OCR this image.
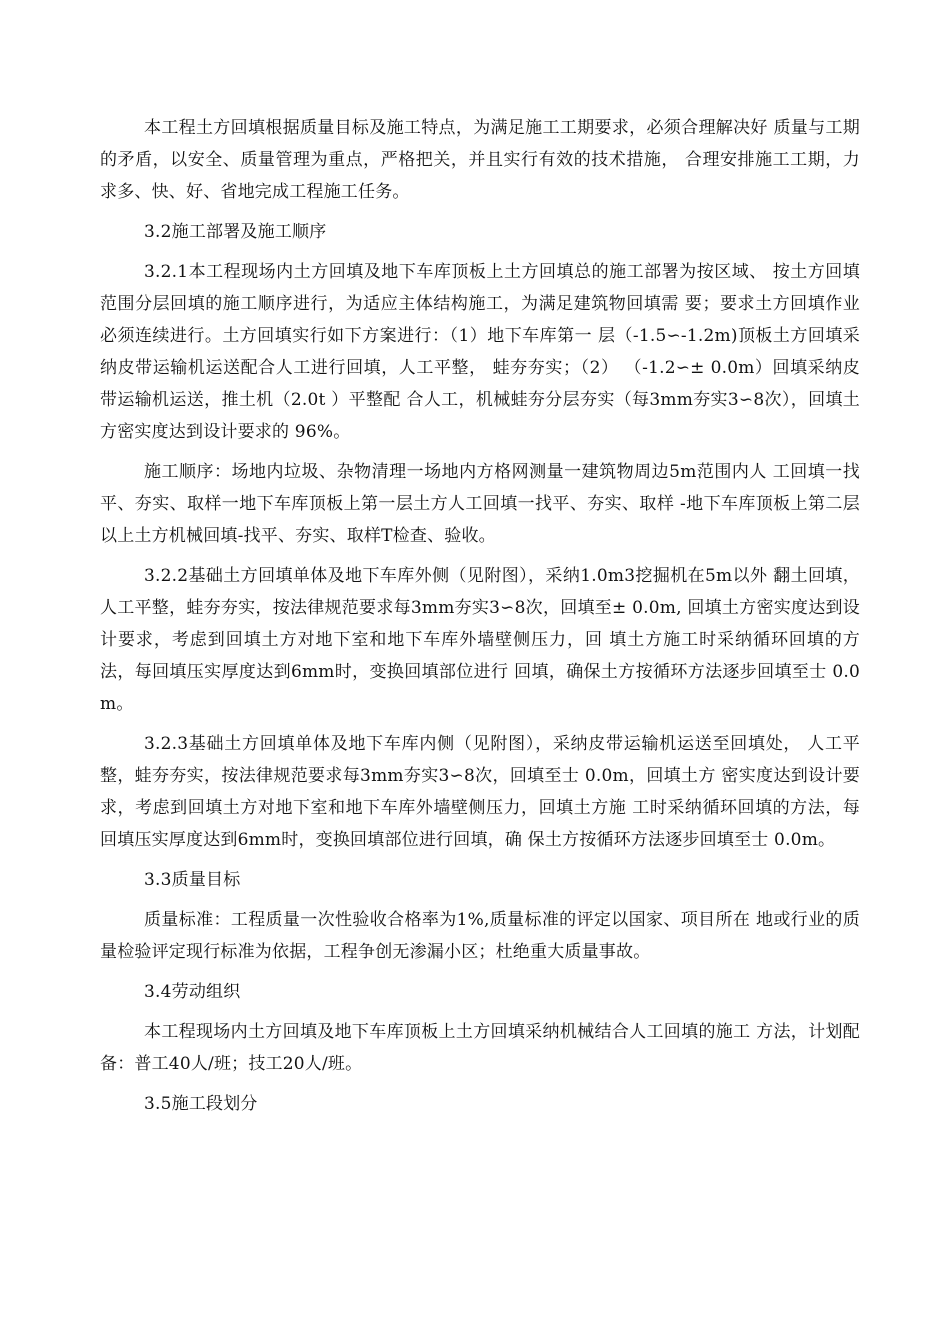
本工程土方回填根据质量目标及施工特点，为满足施工工期要求，必须合理解决好 质量与工期的矛盾，以安全、质量管理为重点，严格把关，并且实行有效的技术措施， 合理安排施工工期，力求多、快、好、省地完成工程施工任务。

3.2施工部署及施工顺序

3.2.1本工程现场内土方回填及地下车库顶板上土方回填总的施工部署为按区域、 按土方回填范围分层回填的施工顺序进行，为适应主体结构施工，为满足建筑物回填需 要；要求土方回填作业必须连续进行。土方回填实行如下方案进行：（1）地下车库第一 层（-1.5∽-1.2m)顶板土方回填采纳皮带运输机运送配合人工进行回填，人工平整， 蛙夯夯实；（2） （-1.2∽± 0.0m）回填采纳皮带运输机运送，推土机（2.0t ）平整配 合人工，机械蛙夯分层夯实（每3mm夯实3∽8次），回填土方密实度达到设计要求的 96%。

施工顺序：场地内垃圾、杂物清理一场地内方格网测量一建筑物周边5m范围内人 工回填一找平、夯实、取样一地下车库顶板上第一层土方人工回填一找平、夯实、取样 -地下车库顶板上第二层以上土方机械回填-找平、夯实、取样T检查、验收。

3.2.2基础土方回填单体及地下车库外侧（见附图），采纳1.0m3挖掘机在5m以外 翻土回填，人工平整，蛙夯夯实，按法律规范要求每3mm夯实3∽8次，回填至± 0.0m, 回填土方密实度达到设计要求，考虑到回填土方对地下室和地下车库外墙壁侧压力，回 填土方施工时采纳循环回填的方法，每回填压实厚度达到6mm时，变换回填部位进行 回填，确保土方按循环方法逐步回填至士 0.0m。

3.2.3基础土方回填单体及地下车库内侧（见附图），采纳皮带运输机运送至回填处， 人工平整，蛙夯夯实，按法律规范要求每3mm夯实3∽8次，回填至士 0.0m，回填土方 密实度达到设计要求，考虑到回填土方对地下室和地下车库外墙壁侧压力，回填土方施 工时采纳循环回填的方法，每回填压实厚度达到6mm时，变换回填部位进行回填，确 保土方按循环方法逐步回填至士 0.0m。

3.3质量目标

质量标准：工程质量一次性验收合格率为1%,质量标准的评定以国家、项目所在 地或行业的质量检验评定现行标准为依据，工程争创无渗漏小区；杜绝重大质量事故。

3.4劳动组织

本工程现场内土方回填及地下车库顶板上土方回填采纳机械结合人工回填的施工 方法，计划配备：普工40人/班；技工20人/班。

3.5施工段划分
